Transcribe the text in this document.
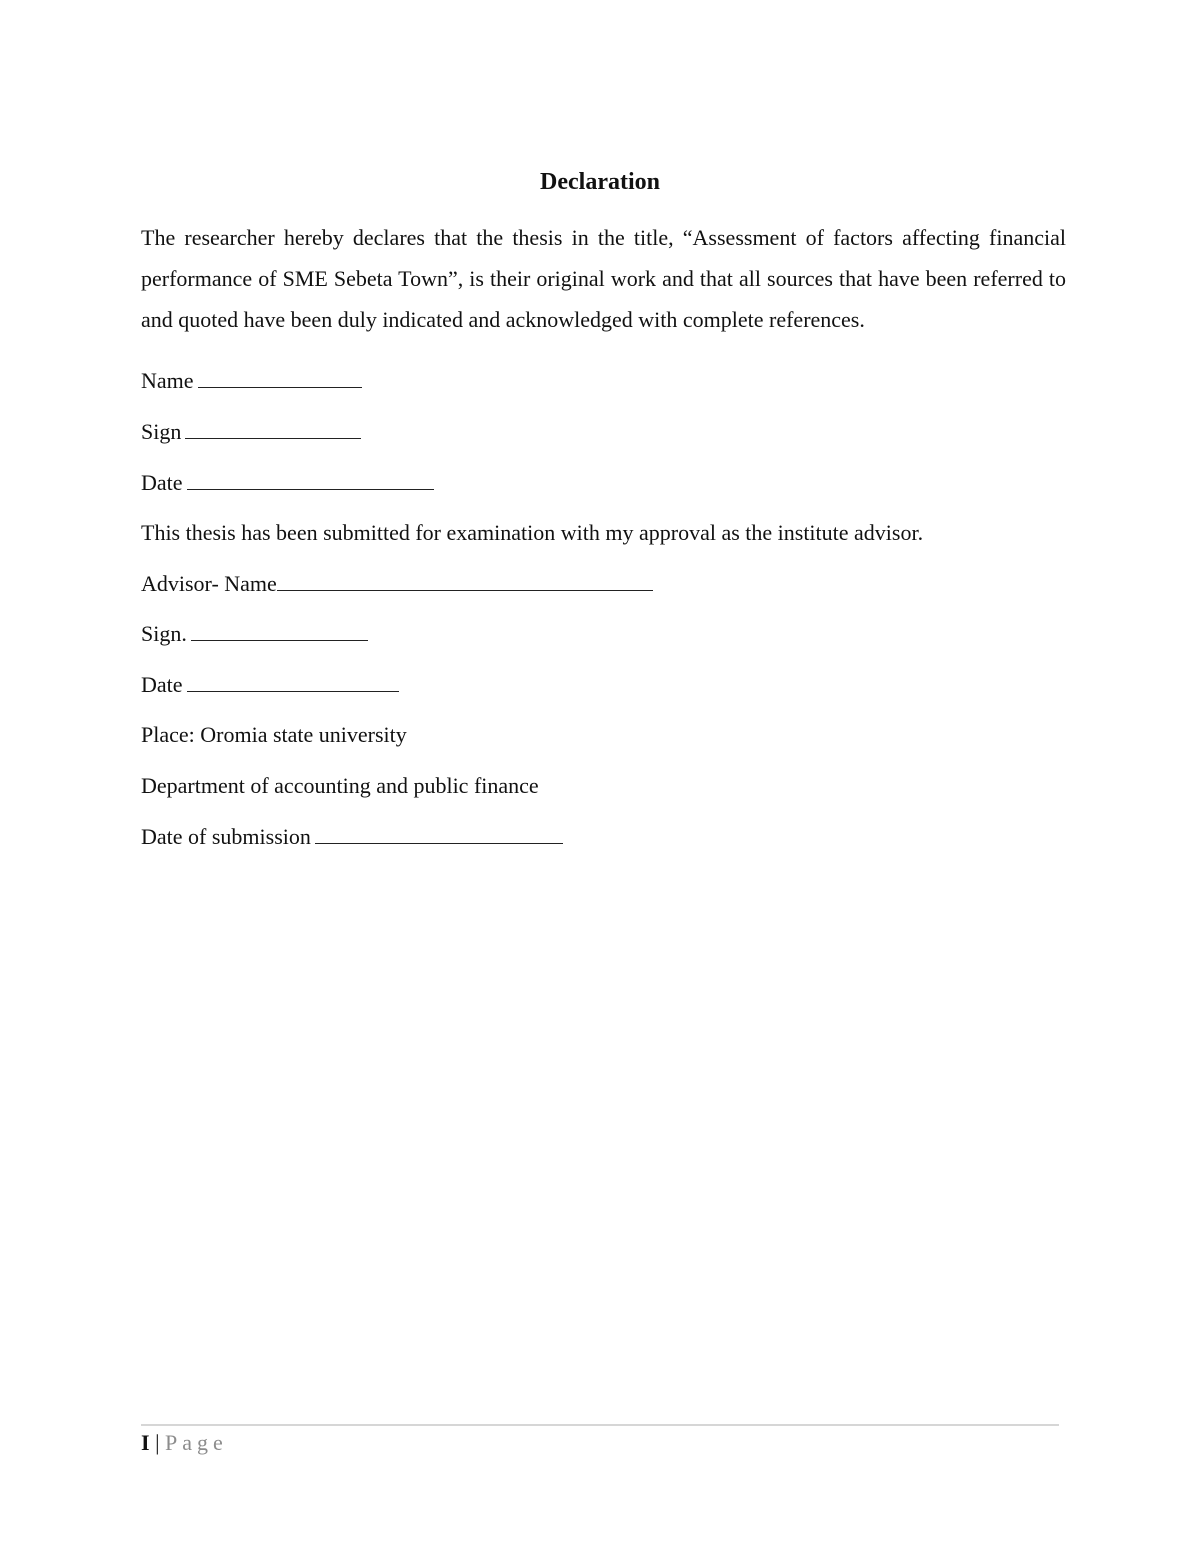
Declaration
The researcher hereby declares that the thesis in the title, “Assessment of factors affecting financial performance of SME Sebeta Town”, is their original work and that all sources that have been referred to and quoted have been duly indicated and acknowledged with complete references.
Name
Sign
Date
This thesis has been submitted for examination with my approval as the institute advisor.
Advisor- Name
Sign.
Date
Place: Oromia state university
Department of accounting and public finance
Date of submission
I | Page
